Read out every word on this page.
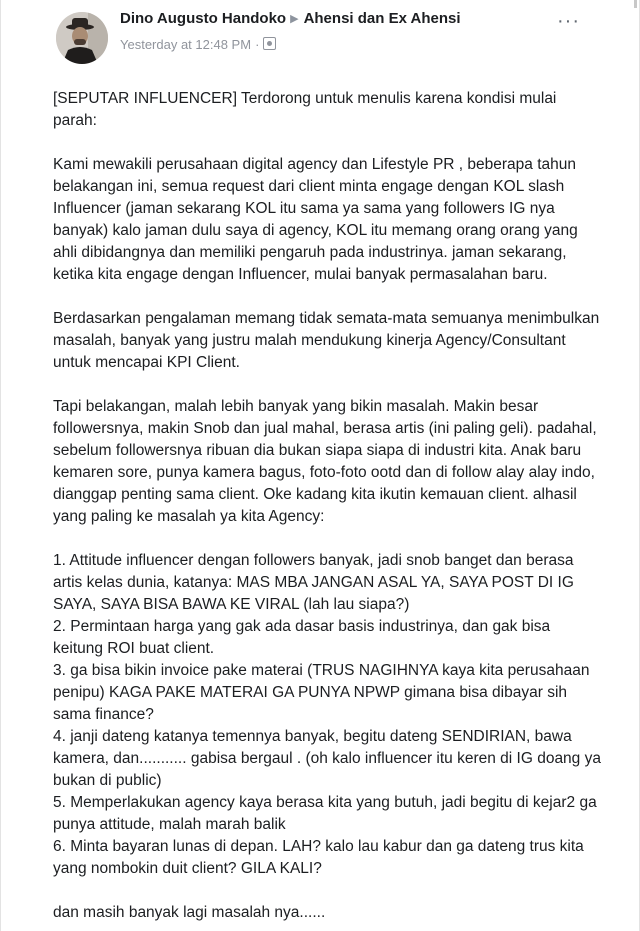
Dino Augusto Handoko ▶ Ahensi dan Ex Ahensi
Yesterday at 12:48 PM ·
···

[SEPUTAR INFLUENCER] Terdorong untuk menulis karena kondisi mulai parah:

Kami mewakili perusahaan digital agency dan Lifestyle PR , beberapa tahun belakangan ini, semua request dari client minta engage dengan KOL slash Influencer (jaman sekarang KOL itu sama ya sama yang followers IG nya banyak) kalo jaman dulu saya di agency, KOL itu memang orang orang yang ahli dibidangnya dan memiliki pengaruh pada industrinya. jaman sekarang, ketika kita engage dengan Influencer, mulai banyak permasalahan baru.

Berdasarkan pengalaman memang tidak semata-mata semuanya menimbulkan masalah, banyak yang justru malah mendukung kinerja Agency/Consultant untuk mencapai KPI Client.

Tapi belakangan, malah lebih banyak yang bikin masalah. Makin besar followersnya, makin Snob dan jual mahal, berasa artis (ini paling geli). padahal, sebelum followersnya ribuan dia bukan siapa siapa di industri kita. Anak baru kemaren sore, punya kamera bagus, foto-foto ootd dan di follow alay alay indo, dianggap penting sama client. Oke kadang kita ikutin kemauan client. alhasil yang paling ke masalah ya kita Agency:

1. Attitude influencer dengan followers banyak, jadi snob banget dan berasa artis kelas dunia, katanya: MAS MBA JANGAN ASAL YA, SAYA POST DI IG SAYA, SAYA BISA BAWA KE VIRAL (lah lau siapa?)
2. Permintaan harga yang gak ada dasar basis industrinya, dan gak bisa keitung ROI buat client.
3. ga bisa bikin invoice pake materai (TRUS NAGIHNYA kaya kita perusahaan penipu) KAGA PAKE MATERAI GA PUNYA NPWP gimana bisa dibayar sih sama finance?
4. janji dateng katanya temennya banyak, begitu dateng SENDIRIAN, bawa kamera, dan........... gabisa bergaul . (oh kalo influencer itu keren di IG doang ya bukan di public)
5. Memperlakukan agency kaya berasa kita yang butuh, jadi begitu di kejar2 ga punya attitude, malah marah balik
6. Minta bayaran lunas di depan. LAH? kalo lau kabur dan ga dateng trus kita yang nombokin duit client? GILA KALI?

dan masih banyak lagi masalah nya......
